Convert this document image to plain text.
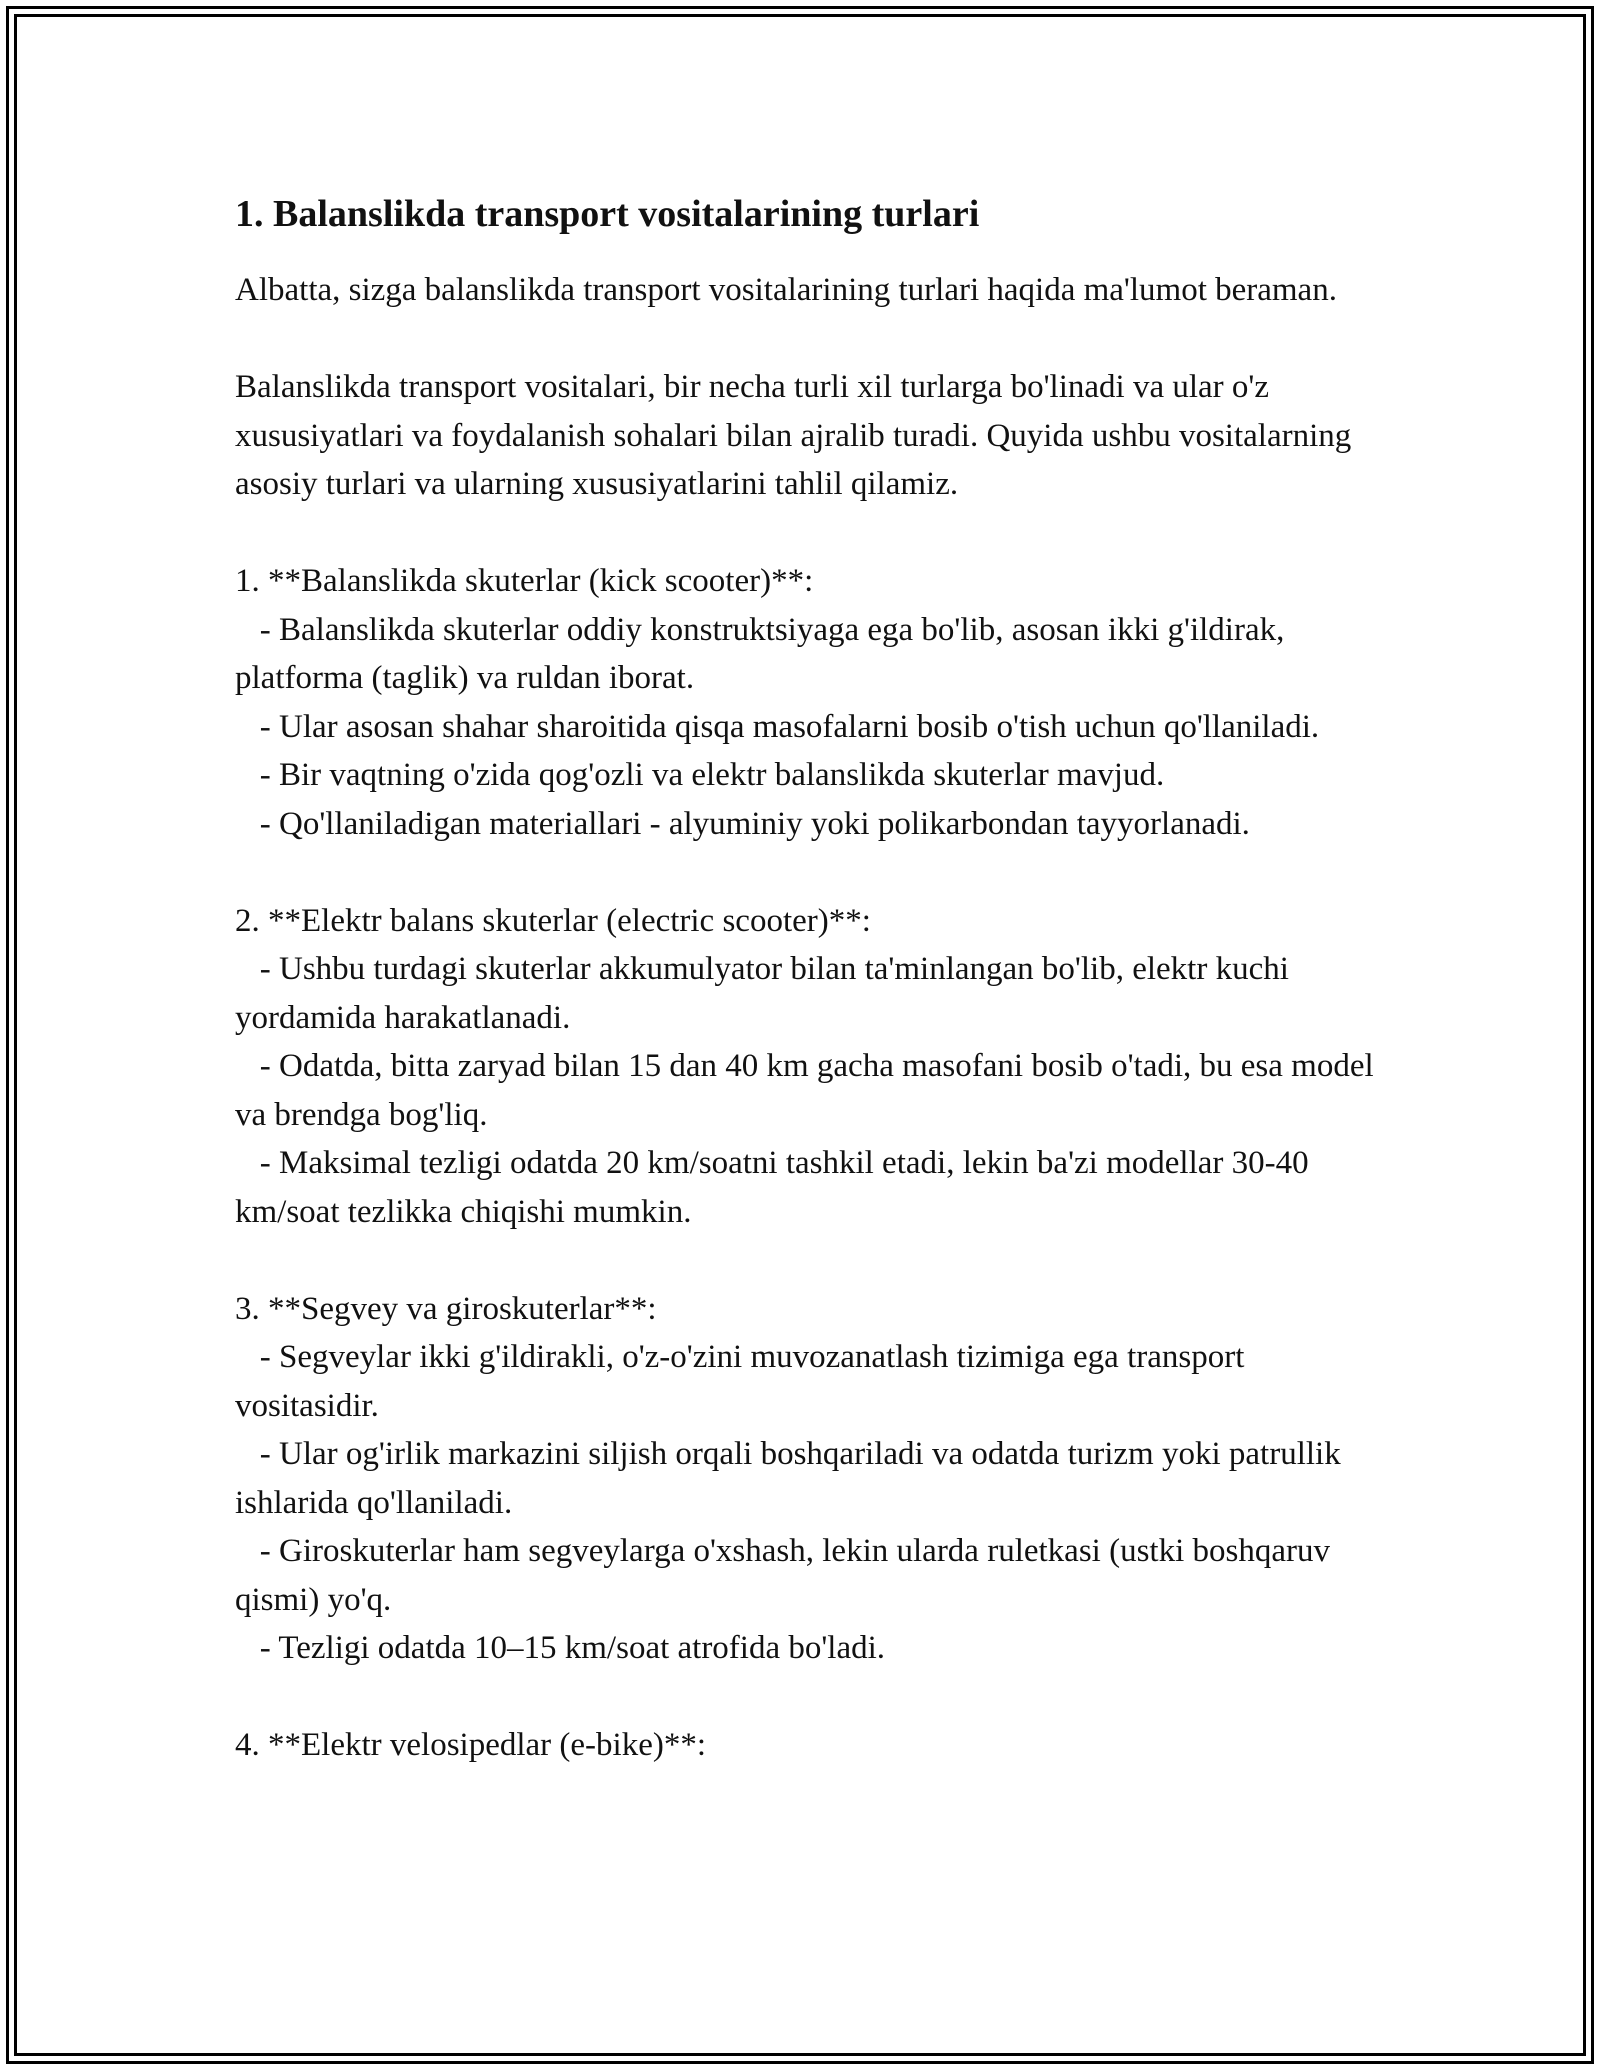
1. Balanslikda transport vositalarining turlari

Albatta, sizga balanslikda transport vositalarining turlari haqida ma'lumot beraman.

Balanslikda transport vositalari, bir necha turli xil turlarga bo'linadi va ular o'z xususiyatlari va foydalanish sohalari bilan ajralib turadi. Quyida ushbu vositalarning asosiy turlari va ularning xususiyatlarini tahlil qilamiz.

1. **Balanslikda skuterlar (kick scooter)**:

- Balanslikda skuterlar oddiy konstruktsiyaga ega bo'lib, asosan ikki g'ildirak, platforma (taglik) va ruldan iborat.

- Ular asosan shahar sharoitida qisqa masofalarni bosib o'tish uchun qo'llaniladi.

- Bir vaqtning o'zida qog'ozli va elektr balanslikda skuterlar mavjud.

- Qo'llaniladigan materiallari - alyuminiy yoki polikarbondan tayyorlanadi.

2. **Elektr balans skuterlar (electric scooter)**:

- Ushbu turdagi skuterlar akkumulyator bilan ta'minlangan bo'lib, elektr kuchi yordamida harakatlanadi.

- Odatda, bitta zaryad bilan 15 dan 40 km gacha masofani bosib o'tadi, bu esa model va brendga bog'liq.

- Maksimal tezligi odatda 20 km/soatni tashkil etadi, lekin ba'zi modellar 30-40 km/soat tezlikka chiqishi mumkin.

3. **Segvey va giroskuterlar**:

- Segveylar ikki g'ildirakli, o'z-o'zini muvozanatlash tizimiga ega transport vositasidir.

- Ular og'irlik markazini siljish orqali boshqariladi va odatda turizm yoki patrullik ishlarida qo'llaniladi.

- Giroskuterlar ham segveylarga o'xshash, lekin ularda ruletkasi (ustki boshqaruv qismi) yo'q.

- Tezligi odatda 10–15 km/soat atrofida bo'ladi.

4. **Elektr velosipedlar (e-bike)**:
